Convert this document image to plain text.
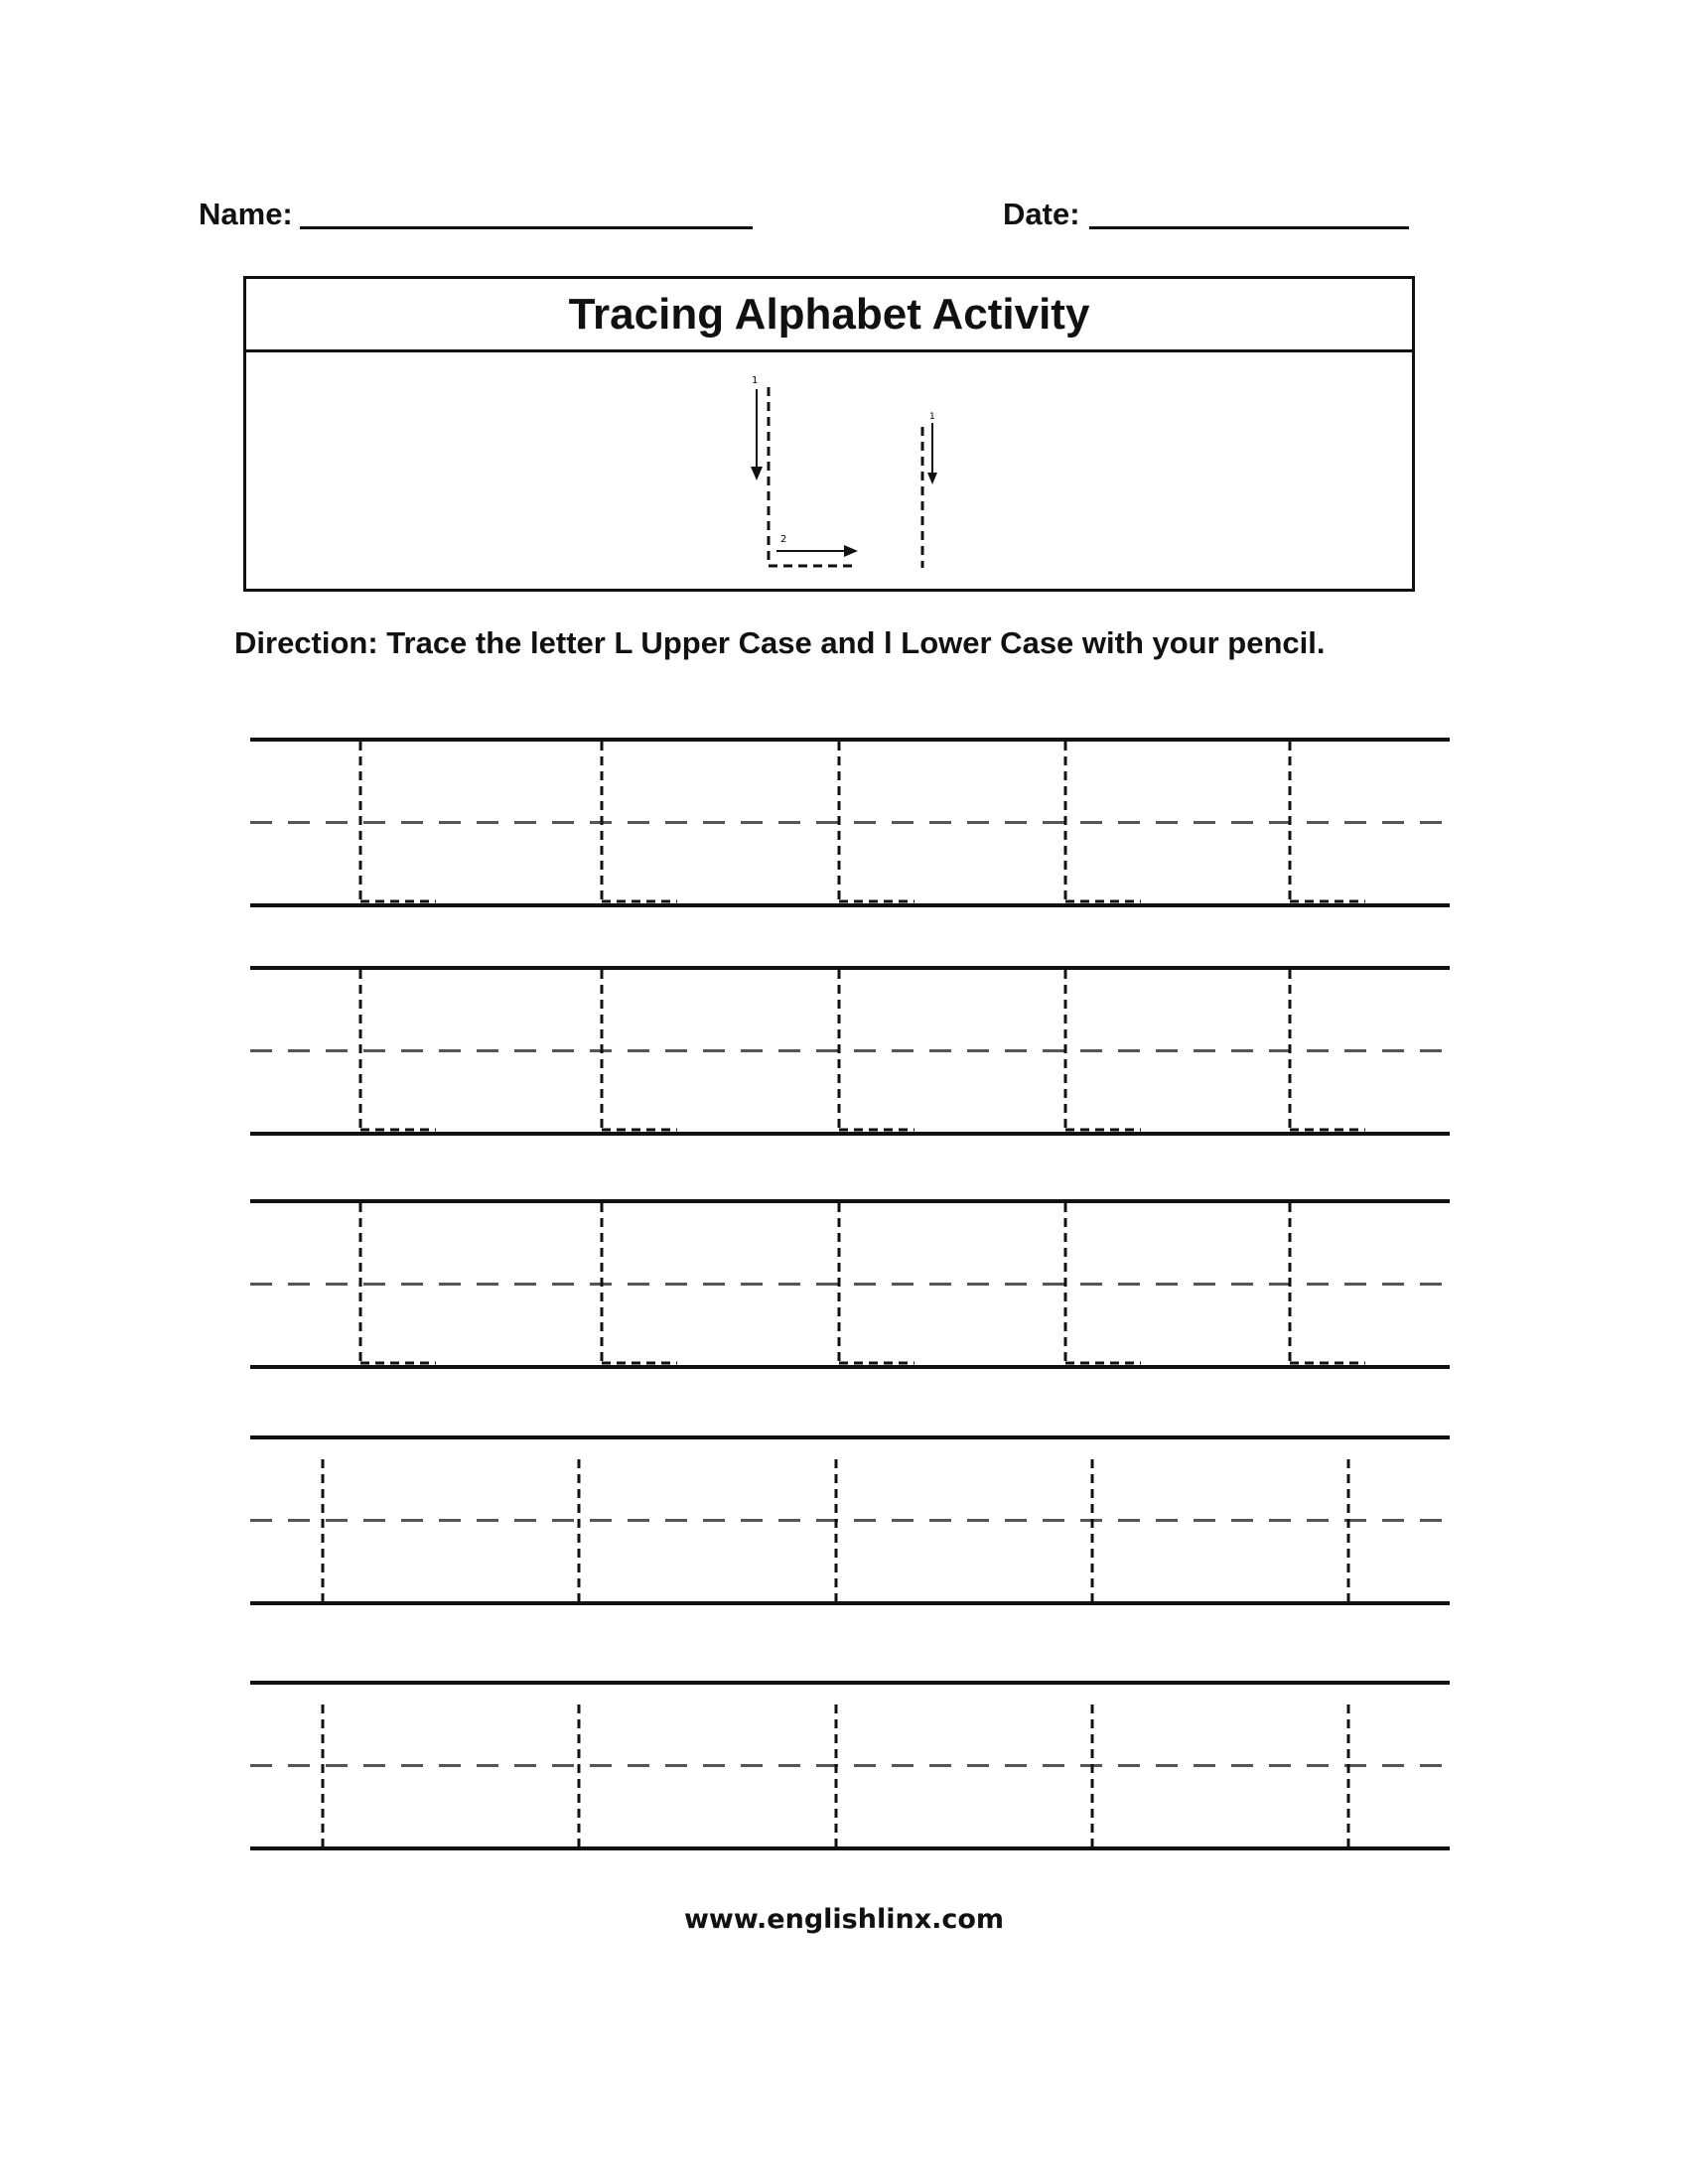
Name:	Date:
Tracing Alphabet Activity
1
2
1
Direction: Trace the letter L Upper Case and l Lower Case with your pencil.
www.englishlinx.com
